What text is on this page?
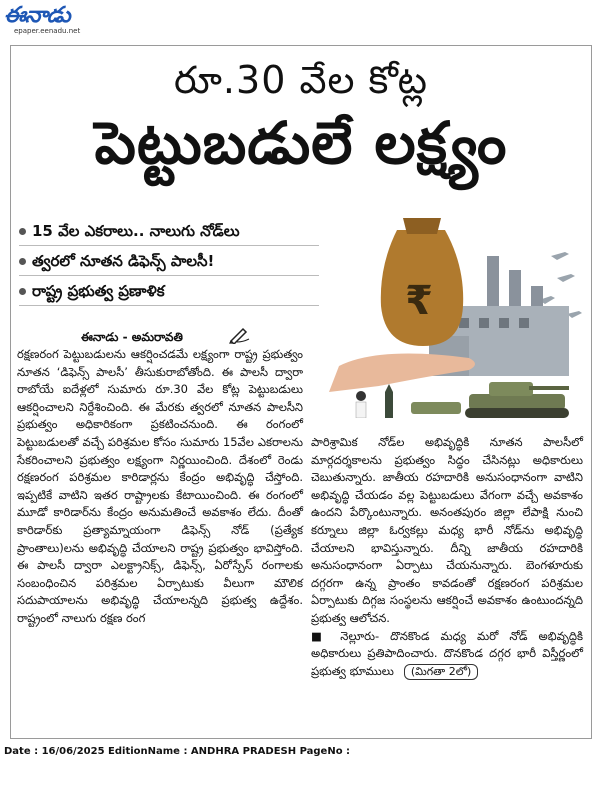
ఈనాడు
epaper.eenadu.net
రూ.30 వేల కోట్ల
పెట్టుబడులే లక్ష్యం
15 వేల ఎకరాలు.. నాలుగు నోడ్‌లు
త్వరలో నూతన డిఫెన్స్‌ పాలసీ!
రాష్ట్ర ప్రభుత్వ ప్రణాళిక
ఈనాడు - అమరావతి
₹
రక్షణరంగ పెట్టుబడులను ఆకర్షించడమే లక్ష్యంగా రాష్ట్ర ప్రభుత్వం నూతన ‘డిఫెన్స్‌ పాలసీ’ తీసుకురాబోతోంది. ఈ పాలసీ ద్వారా రాబోయే ఐదేళ్లలో సుమారు రూ.30 వేల కోట్ల పెట్టుబడులు ఆకర్షించాలని నిర్దేశించింది. ఈ మేరకు త్వరలో నూతన పాలసీని ప్రభుత్వం అధికారికంగా ప్రకటించనుంది. ఈ రంగంలో పెట్టుబడులతో వచ్చే పరిశ్రమల కోసం సుమారు 15వేల ఎకరాలను సేకరించాలని ప్రభుత్వం లక్ష్యంగా నిర్ణయించింది. దేశంలో రెండు రక్షణరంగ పరిశ్రమల కారిడార్లను కేంద్రం అభివృద్ధి చేస్తోంది. ఇప్పటికే వాటిని ఇతర రాష్ట్రాలకు కేటాయించింది. ఈ రంగంలో మూడో కారిడార్‌ను కేంద్రం అనుమతించే అవకాశం లేదు. దీంతో కారిడార్‌కు ప్రత్యామ్నాయంగా డిఫెన్స్‌ నోడ్‌ (ప్రత్యేక ప్రాంతాలు)లను అభివృద్ధి చేయాలని రాష్ట్ర ప్రభుత్వం భావిస్తోంది. ఈ పాలసీ ద్వారా ఎలక్ట్రానిక్స్‌, డిఫెన్స్‌, ఏరోస్పేస్‌ రంగాలకు సంబంధించిన పరిశ్రమల ఏర్పాటుకు వీలుగా మౌలిక సదుపాయాలను అభివృద్ధి చేయాలన్నది ప్రభుత్వ ఉద్దేశం. రాష్ట్రంలో నాలుగు రక్షణ రంగ

పారిశ్రామిక నోడ్‌ల అభివృద్ధికి నూతన పాలసీలో మార్గదర్శకాలను ప్రభుత్వం సిద్ధం చేసినట్లు అధికారులు చెబుతున్నారు. జాతీయ రహదారికి అనుసంధానంగా వాటిని అభివృద్ధి చేయడం వల్ల పెట్టుబడులు వేగంగా వచ్చే అవకాశం ఉందని పేర్కొంటున్నారు. అనంతపురం జిల్లా లేపాక్షి నుంచి కర్నూలు జిల్లా ఓర్వకల్లు మధ్య భారీ నోడ్‌ను అభివృద్ధి చేయాలని భావిస్తున్నారు. దీన్ని జాతీయ రహదారికి అనుసంధానంగా ఏర్పాటు చేయనున్నారు. బెంగళూరుకు దగ్గరగా ఉన్న ప్రాంతం కావడంతో రక్షణరంగ పరిశ్రమల ఏర్పాటుకు దిగ్గజ సంస్థలను ఆకర్షించే అవకాశం ఉంటుందన్నది ప్రభుత్వ ఆలోచన.

■ నెల్లూరు- దొనకొండ మధ్య మరో నోడ్‌ అభివృద్ధికి అధికారులు ప్రతిపాదించారు. దొనకొండ దగ్గర భారీ విస్తీర్ణంలో ప్రభుత్వ భూములు (మిగతా 2లో)

Date : 16/06/2025 EditionName : ANDHRA PRADESH PageNo :
